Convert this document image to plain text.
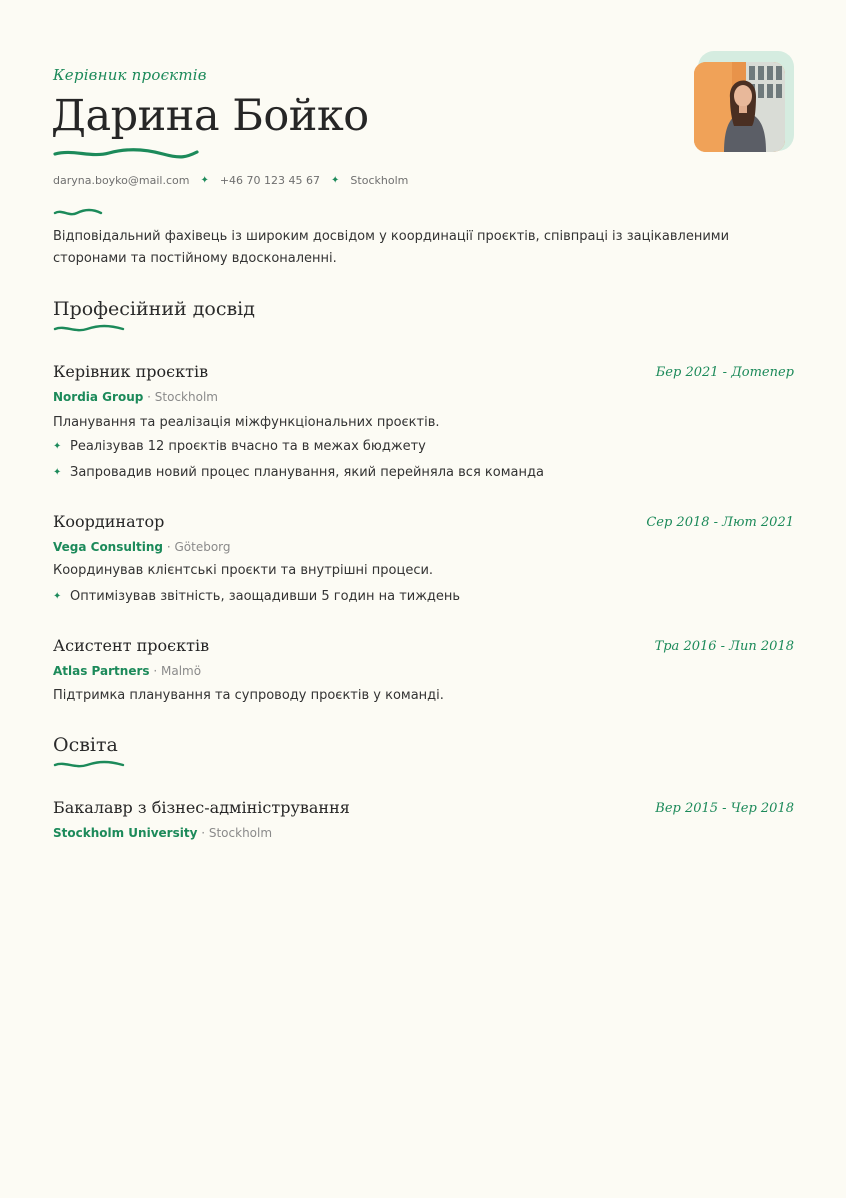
Керівник проєктів
Дарина Бойко
daryna.boyko@mail.com ✦ +46 70 123 45 67 ✦ Stockholm
Відповідальний фахівець із широким досвідом у координації проєктів, співпраці із зацікавленими сторонами та постійному вдосконаленні.
Професійний досвід
Керівник проєктів	Бер 2021 - Дотепер
Nordia Group · Stockholm
Планування та реалізація міжфункціональних проєктів.
✦ Реалізував 12 проєктів вчасно та в межах бюджету
✦ Запровадив новий процес планування, який перейняла вся команда
Координатор	Сер 2018 - Лют 2021
Vega Consulting · Göteborg
Координував клієнтські проєкти та внутрішні процеси.
✦ Оптимізував звітність, заощадивши 5 годин на тиждень
Асистент проєктів	Тра 2016 - Лип 2018
Atlas Partners · Malmö
Підтримка планування та супроводу проєктів у команді.
Освіта
Бакалавр з бізнес-адміністрування	Вер 2015 - Чер 2018
Stockholm University · Stockholm
